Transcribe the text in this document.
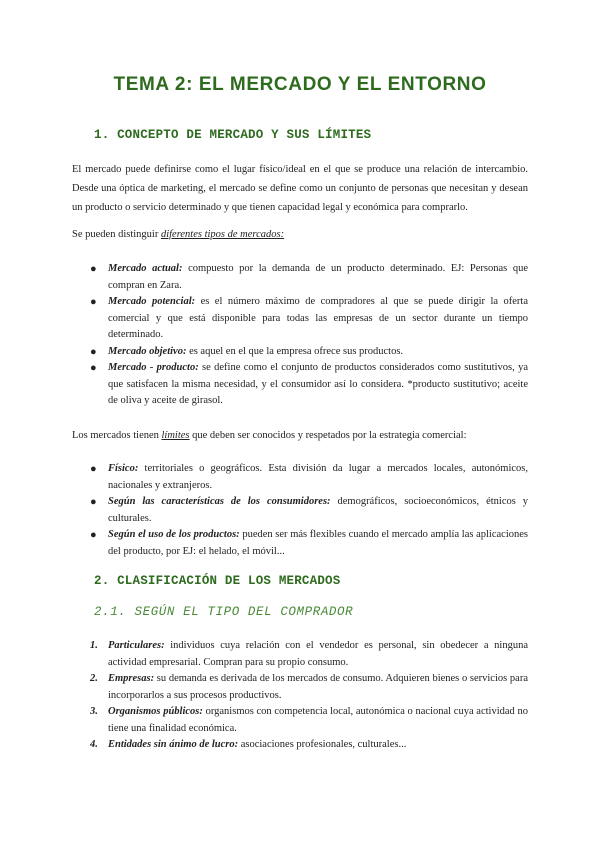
TEMA 2: EL MERCADO Y EL ENTORNO
1. CONCEPTO DE MERCADO Y SUS LÍMITES

El mercado puede definirse como el lugar físico/ideal en el que se produce una relación de intercambio. Desde una óptica de marketing, el mercado se define como un conjunto de personas que necesitan y desean un producto o servicio determinado y que tienen capacidad legal y económica para comprarlo.

Se pueden distinguir diferentes tipos de mercados:

● Mercado actual: compuesto por la demanda de un producto determinado. EJ: Personas que compran en Zara.
● Mercado potencial: es el número máximo de compradores al que se puede dirigir la oferta comercial y que está disponible para todas las empresas de un sector durante un tiempo determinado.
● Mercado objetivo: es aquel en el que la empresa ofrece sus productos.
● Mercado - producto: se define como el conjunto de productos considerados como sustitutivos, ya que satisfacen la misma necesidad, y el consumidor así lo considera. *producto sustitutivo; aceite de oliva y aceite de girasol.

Los mercados tienen límites que deben ser conocidos y respetados por la estrategia comercial:

● Físico: territoriales o geográficos. Esta división da lugar a mercados locales, autonómicos, nacionales y extranjeros.
● Según las características de los consumidores: demográficos, socioeconómicos, étnicos y culturales.
● Según el uso de los productos: pueden ser más flexibles cuando el mercado amplía las aplicaciones del producto, por EJ: el helado, el móvil...
2. CLASIFICACIÓN DE LOS MERCADOS
2.1. SEGÚN EL TIPO DEL COMPRADOR
1. Particulares: individuos cuya relación con el vendedor es personal, sin obedecer a ninguna actividad empresarial. Compran para su propio consumo.
2. Empresas: su demanda es derivada de los mercados de consumo. Adquieren bienes o servicios para incorporarlos a sus procesos productivos.
3. Organismos públicos: organismos con competencia local, autonómica o nacional cuya actividad no tiene una finalidad económica.
4. Entidades sin ánimo de lucro: asociaciones profesionales, culturales...
